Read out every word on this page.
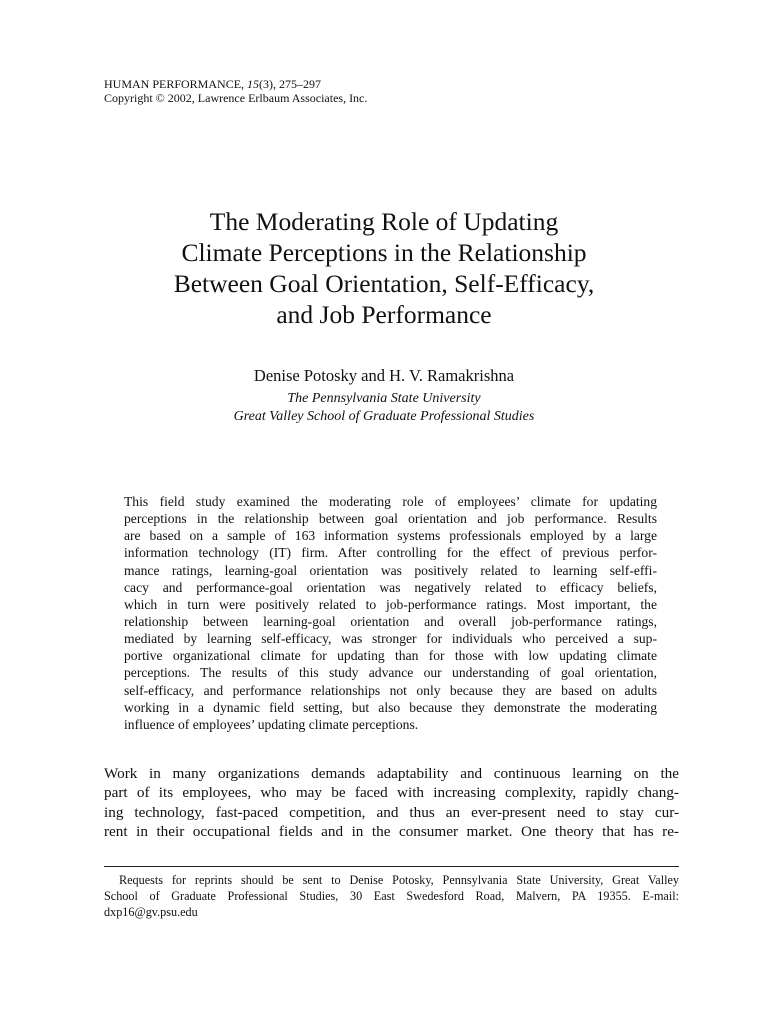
HUMAN PERFORMANCE, 15(3), 275–297
Copyright © 2002, Lawrence Erlbaum Associates, Inc.
The Moderating Role of Updating
Climate Perceptions in the Relationship
Between Goal Orientation, Self-Efficacy,
and Job Performance
Denise Potosky and H. V. Ramakrishna
The Pennsylvania State University
Great Valley School of Graduate Professional Studies
This field study examined the moderating role of employees’ climate for updating
perceptions in the relationship between goal orientation and job performance. Results
are based on a sample of 163 information systems professionals employed by a large
information technology (IT) firm. After controlling for the effect of previous perfor-
mance ratings, learning-goal orientation was positively related to learning self-effi-
cacy and performance-goal orientation was negatively related to efficacy beliefs,
which in turn were positively related to job-performance ratings. Most important, the
relationship between learning-goal orientation and overall job-performance ratings,
mediated by learning self-efficacy, was stronger for individuals who perceived a sup-
portive organizational climate for updating than for those with low updating climate
perceptions. The results of this study advance our understanding of goal orientation,
self-efficacy, and performance relationships not only because they are based on adults
working in a dynamic field setting, but also because they demonstrate the moderating
influence of employees’ updating climate perceptions.
Work in many organizations demands adaptability and continuous learning on the
part of its employees, who may be faced with increasing complexity, rapidly chang-
ing technology, fast-paced competition, and thus an ever-present need to stay cur-
rent in their occupational fields and in the consumer market. One theory that has re-
Requests for reprints should be sent to Denise Potosky, Pennsylvania State University, Great Valley
School of Graduate Professional Studies, 30 East Swedesford Road, Malvern, PA 19355. E-mail:
dxp16@gv.psu.edu
